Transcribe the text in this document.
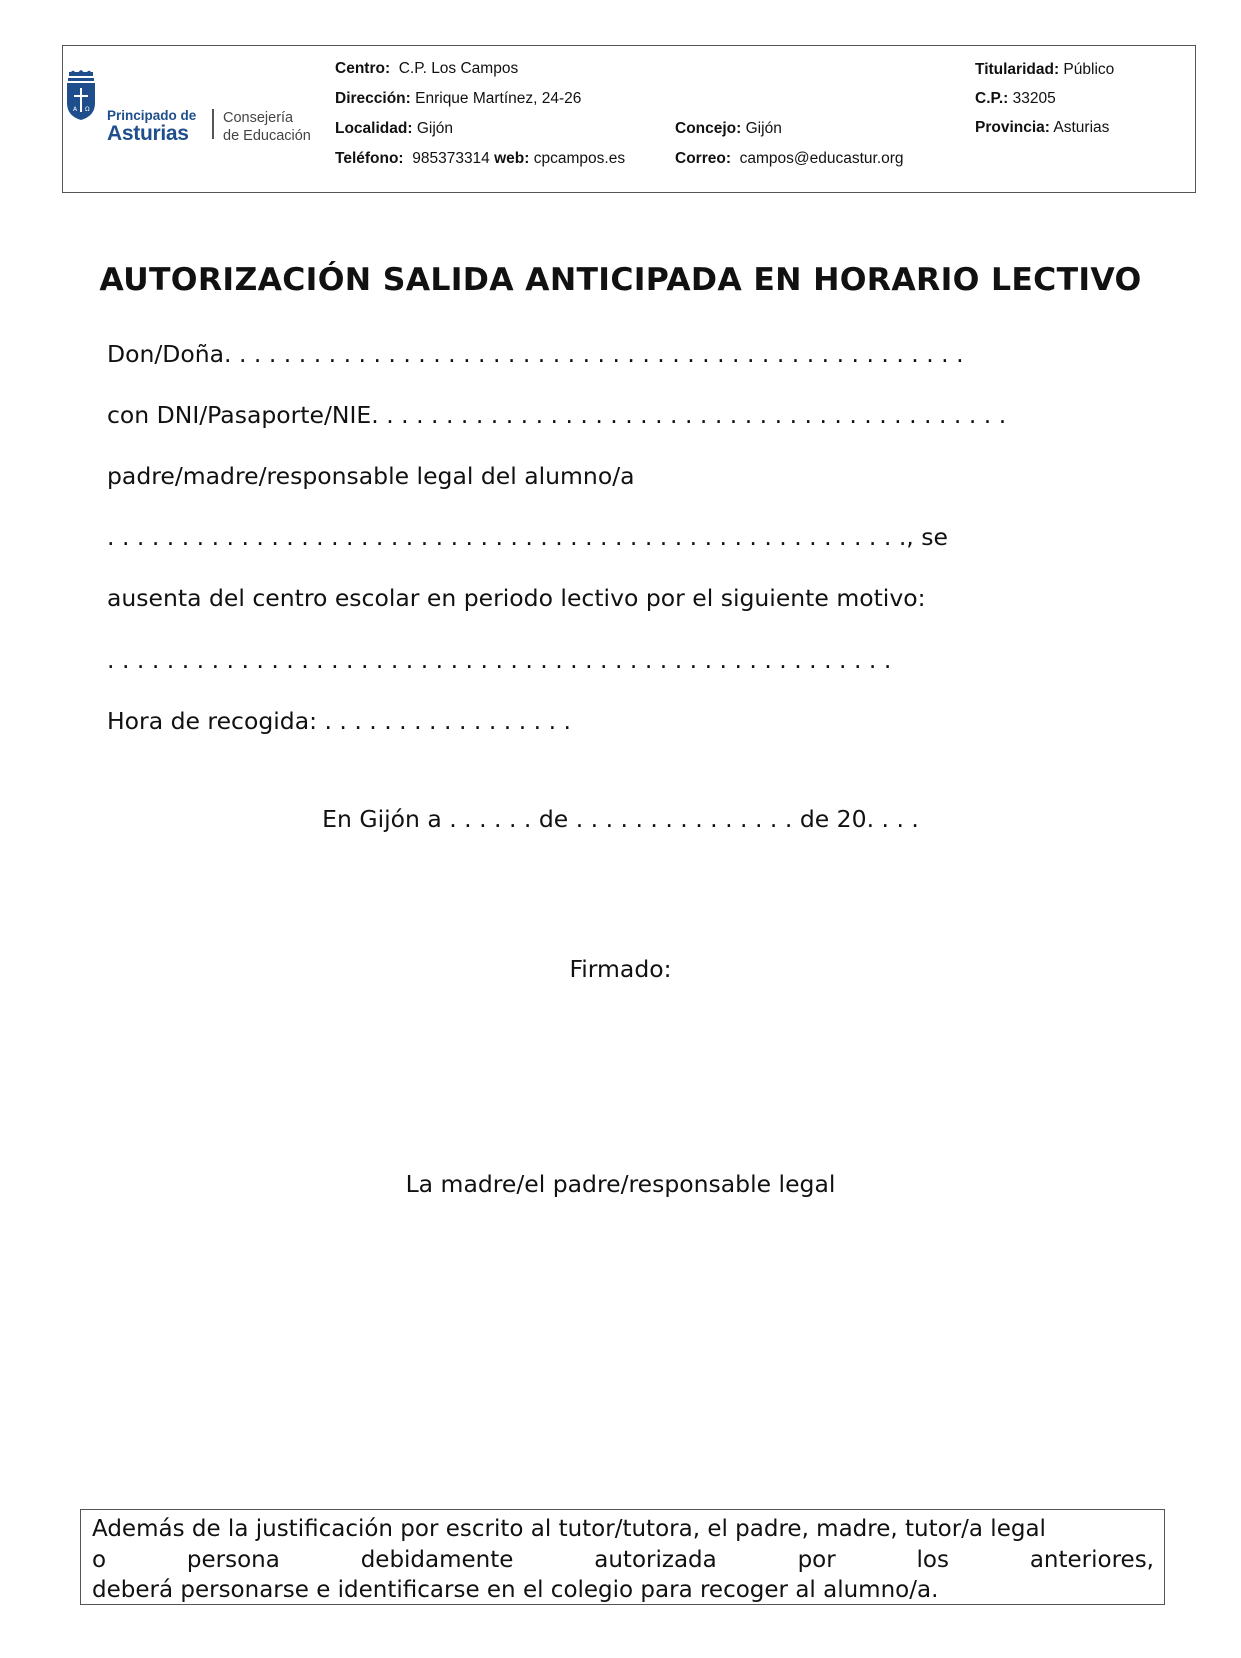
A Ω Principado de
Asturias
Consejería
de Educación
Centro: C.P. Los Campos
Dirección: Enrique Martínez, 24-26
Localidad: Gijón
Teléfono: 985373314 web: cpcampos.es
Concejo: Gijón
Correo: campos@educastur.org
Titularidad: Público
C.P.: 33205
Provincia: Asturias
AUTORIZACIÓN SALIDA ANTICIPADA EN HORARIO LECTIVO
Don/Doña. . . . . . . . . . . . . . . . . . . . . . . . . . . . . . . . . . . . . . . . . . . . . . . . . .
con DNI/Pasaporte/NIE. . . . . . . . . . . . . . . . . . . . . . . . . . . . . . . . . . . . . . . . . . .
padre/madre/responsable legal del alumno/a
. . . . . . . . . . . . . . . . . . . . . . . . . . . . . . . . . . . . . . . . . . . . . . . . . . . . . ., se
ausenta del centro escolar en periodo lectivo por el siguiente motivo:
. . . . . . . . . . . . . . . . . . . . . . . . . . . . . . . . . . . . . . . . . . . . . . . . . . . . .
Hora de recogida: . . . . . . . . . . . . . . . . .
En Gijón a . . . . . . de . . . . . . . . . . . . . . . de 20. . . .
Firmado:
La madre/el padre/responsable legal
Además de la justificación por escrito al tutor/tutora, el padre, madre, tutor/a legal
o persona debidamente autorizada por los anteriores,
deberá personarse e identificarse en el colegio para recoger al alumno/a.
